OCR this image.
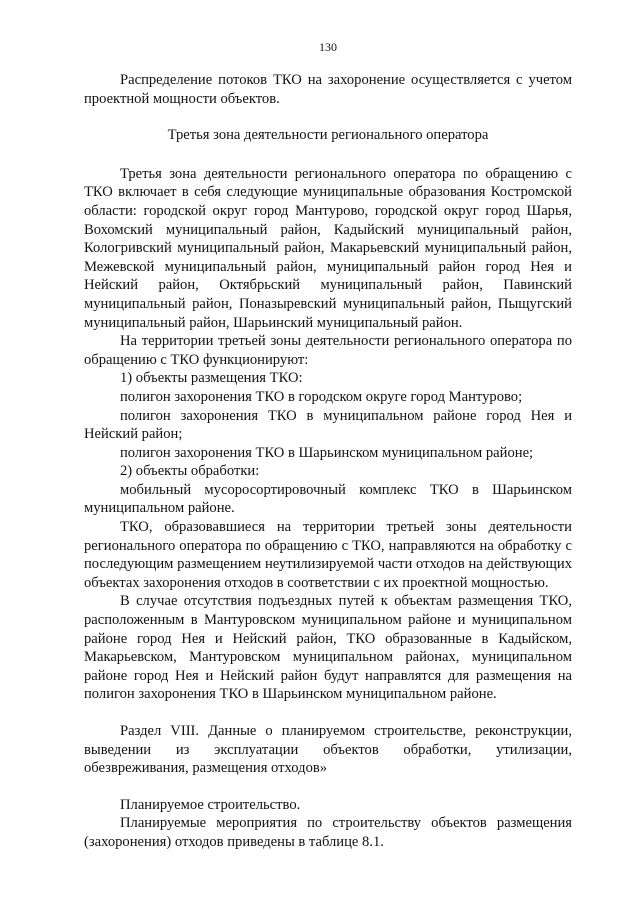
130

Распределение потоков ТКО на захоронение осуществляется с учетом проектной мощности объектов.

Третья зона деятельности регионального оператора

Третья зона деятельности регионального оператора по обращению с ТКО включает в себя следующие муниципальные образования Костромской области: городской округ город Мантурово, городской округ город Шарья, Вохомский муниципальный район, Кадыйский муниципальный район, Кологривский муниципальный район, Макарьевский муниципальный район, Межевской муниципальный район, муниципальный район город Нея и Нейский район, Октябрьский муниципальный район, Павинский муниципальный район, Поназыревский муниципальный район, Пыщугский муниципальный район, Шарьинский муниципальный район.

На территории третьей зоны деятельности регионального оператора по обращению с ТКО функционируют:

1) объекты размещения ТКО:

полигон захоронения ТКО в городском округе город Мантурово;

полигон захоронения ТКО в муниципальном районе город Нея и Нейский район;

полигон захоронения ТКО в Шарьинском муниципальном районе;

2) объекты обработки:

мобильный мусоросортировочный комплекс ТКО в Шарьинском муниципальном районе.

ТКО, образовавшиеся на территории третьей зоны деятельности регионального оператора по обращению с ТКО, направляются на обработку с последующим размещением неутилизируемой части отходов на действующих объектах захоронения отходов в соответствии с их проектной мощностью.

В случае отсутствия подъездных путей к объектам размещения ТКО, расположенным в Мантуровском муниципальном районе и муниципальном районе город Нея и Нейский район, ТКО образованные в Кадыйском, Макарьевском, Мантуровском муниципальном районах, муниципальном районе город Нея и Нейский район будут направлятся для размещения на полигон захоронения ТКО в Шарьинском муниципальном районе.

Раздел VIII. Данные о планируемом строительстве, реконструкции, выведении из эксплуатации объектов обработки, утилизации, обезвреживания, размещения отходов»

Планируемое строительство.

Планируемые мероприятия по строительству объектов размещения (захоронения) отходов приведены в таблице 8.1.
